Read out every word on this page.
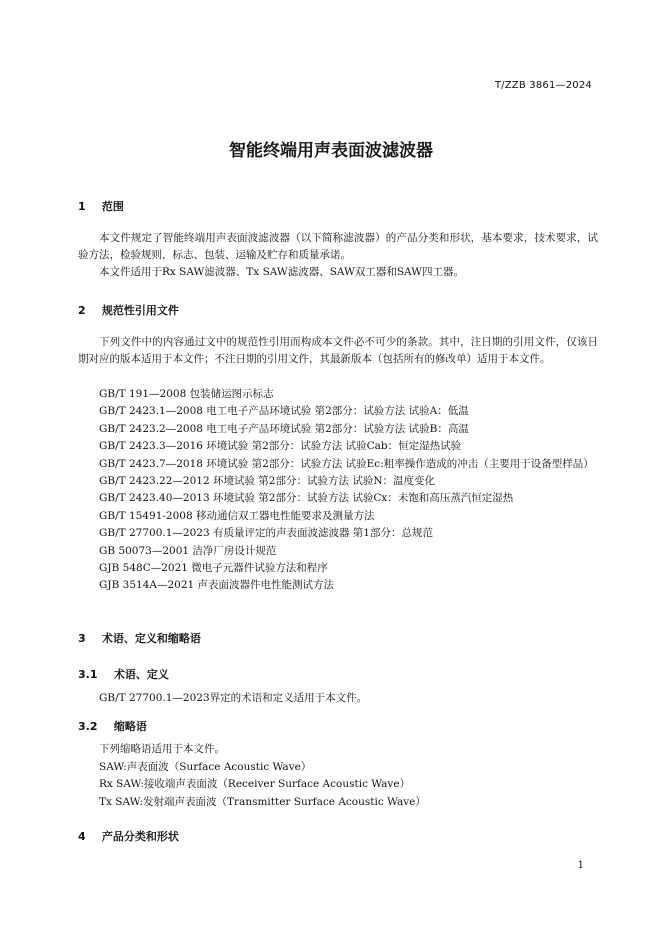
T/ZZB 3861—2024
智能终端用声表面波滤波器
1 范围
本文件规定了智能终端用声表面波滤波器（以下简称滤波器）的产品分类和形状，基本要求，技术要求，试验方法，检验规则，标志、包装、运输及贮存和质量承诺。
本文件适用于Rx SAW滤波器、Tx SAW滤波器、SAW双工器和SAW四工器。
2 规范性引用文件
下列文件中的内容通过文中的规范性引用而构成本文件必不可少的条款。其中，注日期的引用文件，仅该日期对应的版本适用于本文件；不注日期的引用文件，其最新版本（包括所有的修改单）适用于本文件。
GB/T 191—2008 包装储运图示标志
GB/T 2423.1—2008 电工电子产品环境试验 第2部分：试验方法 试验A：低温
GB/T 2423.2—2008 电工电子产品环境试验 第2部分：试验方法 试验B：高温
GB/T 2423.3—2016 环境试验 第2部分：试验方法 试验Cab：恒定湿热试验
GB/T 2423.7—2018 环境试验 第2部分：试验方法 试验Ec:粗率操作造成的冲击（主要用于设备型样品）
GB/T 2423.22—2012 环境试验 第2部分：试验方法 试验N：温度变化
GB/T 2423.40—2013 环境试验 第2部分：试验方法 试验Cx：未饱和高压蒸汽恒定湿热
GB/T 15491-2008 移动通信双工器电性能要求及测量方法
GB/T 27700.1—2023 有质量评定的声表面波滤波器 第1部分：总规范
GB 50073—2001 洁净厂房设计规范
GJB 548C—2021 微电子元器件试验方法和程序
GJB 3514A—2021 声表面波器件电性能测试方法
3 术语、定义和缩略语
3.1 术语、定义
GB/T 27700.1—2023界定的术语和定义适用于本文件。
3.2 缩略语
下列缩略语适用于本文件。
SAW:声表面波（Surface Acoustic Wave）
Rx SAW:接收端声表面波（Receiver Surface Acoustic Wave）
Tx SAW:发射端声表面波（Transmitter Surface Acoustic Wave）
4 产品分类和形状
1
